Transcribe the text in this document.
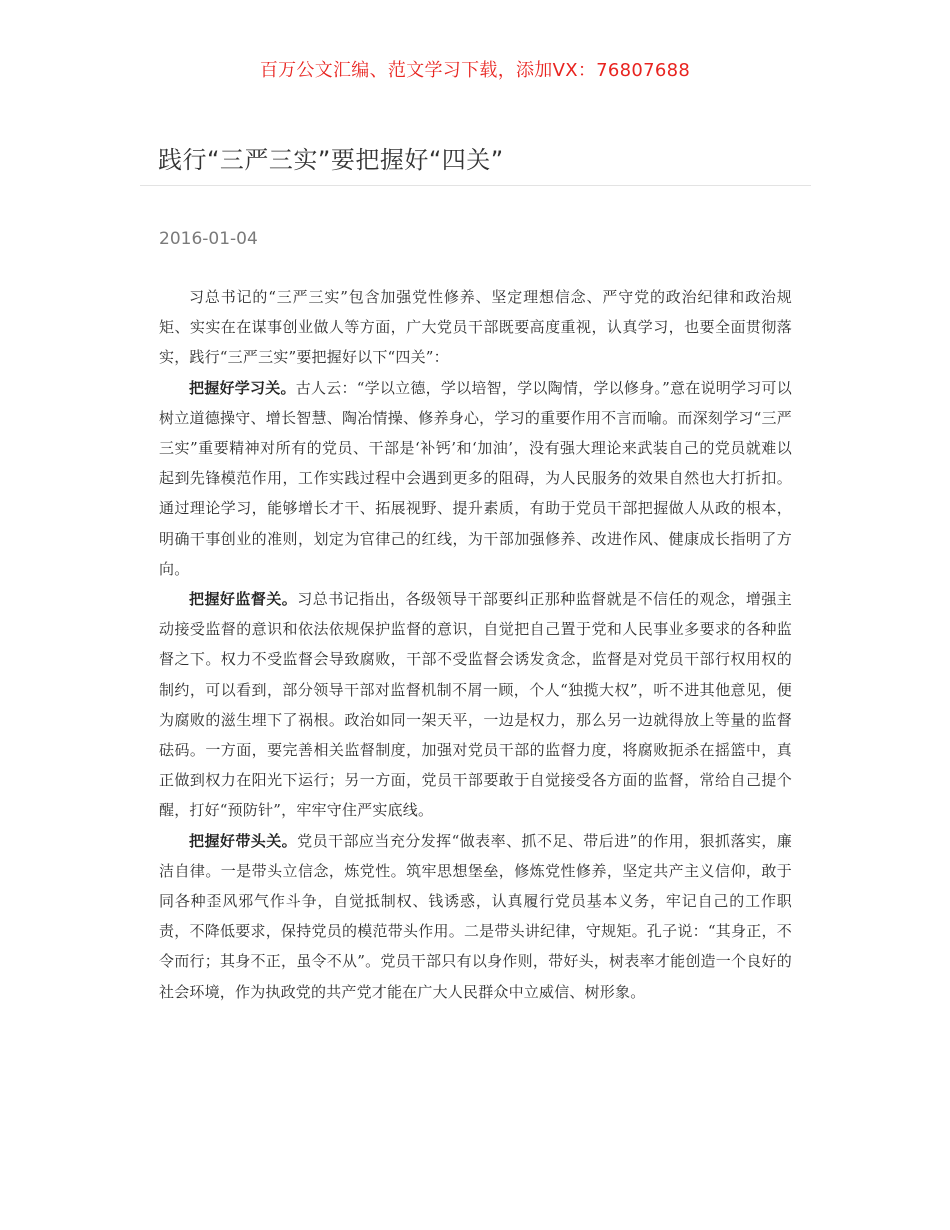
百万公文汇编、范文学习下载，添加VX：76807688
践行“三严三实”要把握好“四关”
2016-01-04

习总书记的“三严三实”包含加强党性修养、坚定理想信念、严守党的政治纪律和政治规矩、实实在在谋事创业做人等方面，广大党员干部既要高度重视，认真学习，也要全面贯彻落实，践行“三严三实”要把握好以下“四关”：

把握好学习关。古人云：“学以立德，学以培智，学以陶情，学以修身。”意在说明学习可以树立道德操守、增长智慧、陶冶情操、修养身心，学习的重要作用不言而喻。而深刻学习“三严三实”重要精神对所有的党员、干部是‘补钙’和‘加油’，没有强大理论来武装自己的党员就难以起到先锋模范作用，工作实践过程中会遇到更多的阻碍，为人民服务的效果自然也大打折扣。通过理论学习，能够增长才干、拓展视野、提升素质，有助于党员干部把握做人从政的根本，明确干事创业的准则，划定为官律己的红线，为干部加强修养、改进作风、健康成长指明了方向。

把握好监督关。习总书记指出，各级领导干部要纠正那种监督就是不信任的观念，增强主动接受监督的意识和依法依规保护监督的意识，自觉把自己置于党和人民事业多要求的各种监督之下。权力不受监督会导致腐败，干部不受监督会诱发贪念，监督是对党员干部行权用权的制约，可以看到，部分领导干部对监督机制不屑一顾，个人“独揽大权”，听不进其他意见，便为腐败的滋生埋下了祸根。政治如同一架天平，一边是权力，那么另一边就得放上等量的监督砝码。一方面，要完善相关监督制度，加强对党员干部的监督力度，将腐败扼杀在摇篮中，真正做到权力在阳光下运行；另一方面，党员干部要敢于自觉接受各方面的监督，常给自己提个醒，打好“预防针”，牢牢守住严实底线。

把握好带头关。党员干部应当充分发挥“做表率、抓不足、带后进”的作用，狠抓落实，廉洁自律。一是带头立信念，炼党性。筑牢思想堡垒，修炼党性修养，坚定共产主义信仰，敢于同各种歪风邪气作斗争，自觉抵制权、钱诱惑，认真履行党员基本义务，牢记自己的工作职责，不降低要求，保持党员的模范带头作用。二是带头讲纪律，守规矩。孔子说：“其身正，不令而行；其身不正，虽令不从”。党员干部只有以身作则，带好头，树表率才能创造一个良好的社会环境，作为执政党的共产党才能在广大人民群众中立威信、树形象。
